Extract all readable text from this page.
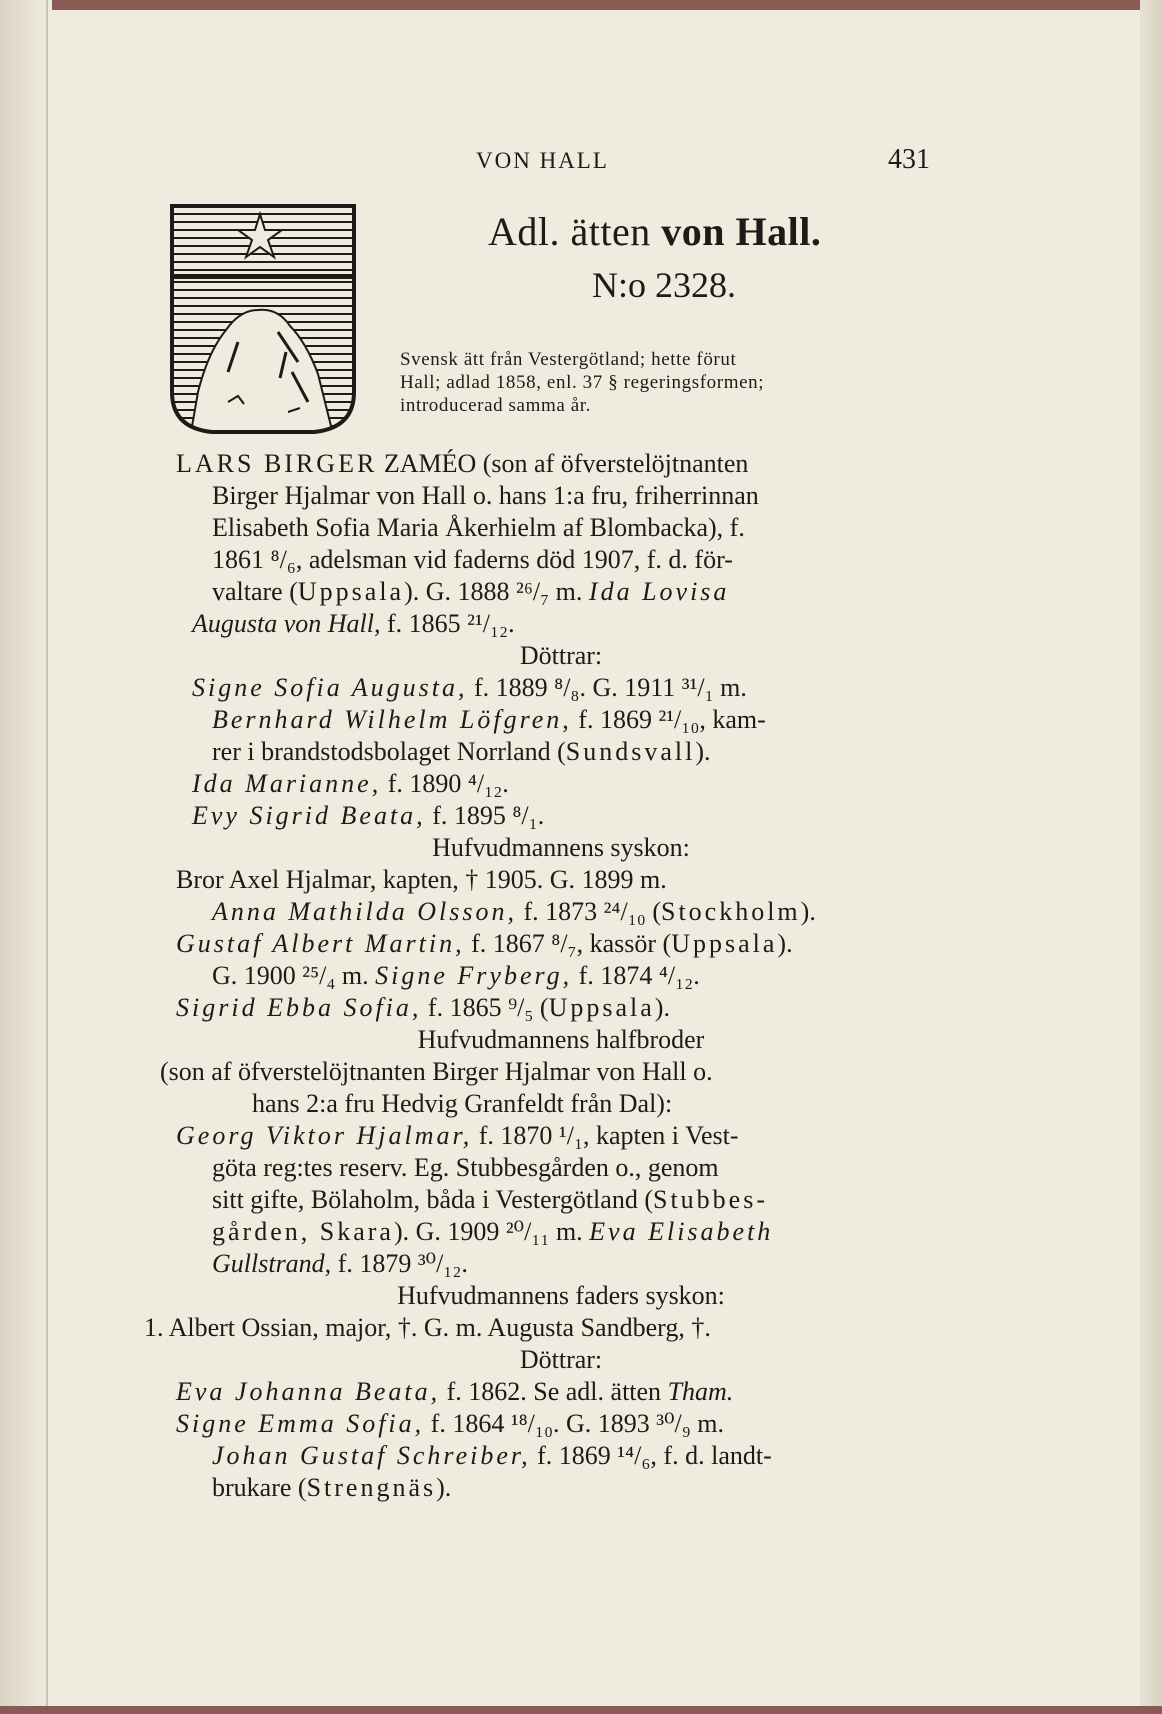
VON HALL	431
Adl. ätten von Hall.
N:o 2328.
Svensk ätt från Vestergötland; hette förut
Hall; adlad 1858, enl. 37 § regeringsformen;
introducerad samma år.
LARS BIRGER ZAMÉO (son af öfverstelöjtnanten
Birger Hjalmar von Hall o. hans 1:a fru, friherrinnan
Elisabeth Sofia Maria Åkerhielm af Blombacka), f.
1861 ⁸/₆, adelsman vid faderns död 1907, f. d. för-
valtare (Uppsala). G. 1888 ²⁶/₇ m. Ida Lovisa
Augusta von Hall, f. 1865 ²¹/₁₂.
Döttrar:
Signe Sofia Augusta, f. 1889 ⁸/₈. G. 1911 ³¹/₁ m.
Bernhard Wilhelm Löfgren, f. 1869 ²¹/₁₀, kam-
rer i brandstodsbolaget Norrland (Sundsvall).
Ida Marianne, f. 1890 ⁴/₁₂.
Evy Sigrid Beata, f. 1895 ⁸/₁.
Hufvudmannens syskon:
Bror Axel Hjalmar, kapten, † 1905. G. 1899 m.
Anna Mathilda Olsson, f. 1873 ²⁴/₁₀ (Stockholm).
Gustaf Albert Martin, f. 1867 ⁸/₇, kassör (Uppsala).
G. 1900 ²⁵/₄ m. Signe Fryberg, f. 1874 ⁴/₁₂.
Sigrid Ebba Sofia, f. 1865 ⁹/₅ (Uppsala).
Hufvudmannens halfbroder
(son af öfverstelöjtnanten Birger Hjalmar von Hall o.
hans 2:a fru Hedvig Granfeldt från Dal):
Georg Viktor Hjalmar, f. 1870 ¹/₁, kapten i Vest-
göta reg:tes reserv. Eg. Stubbesgården o., genom
sitt gifte, Bölaholm, båda i Vestergötland (Stubbes-
gården, Skara). G. 1909 ²⁰/₁₁ m. Eva Elisabeth
Gullstrand, f. 1879 ³⁰/₁₂.
Hufvudmannens faders syskon:
1. Albert Ossian, major, †. G. m. Augusta Sandberg, †.
Döttrar:
Eva Johanna Beata, f. 1862. Se adl. ätten Tham.
Signe Emma Sofia, f. 1864 ¹⁸/₁₀. G. 1893 ³⁰/₉ m.
Johan Gustaf Schreiber, f. 1869 ¹⁴/₆, f. d. landt-
brukare (Strengnäs).
